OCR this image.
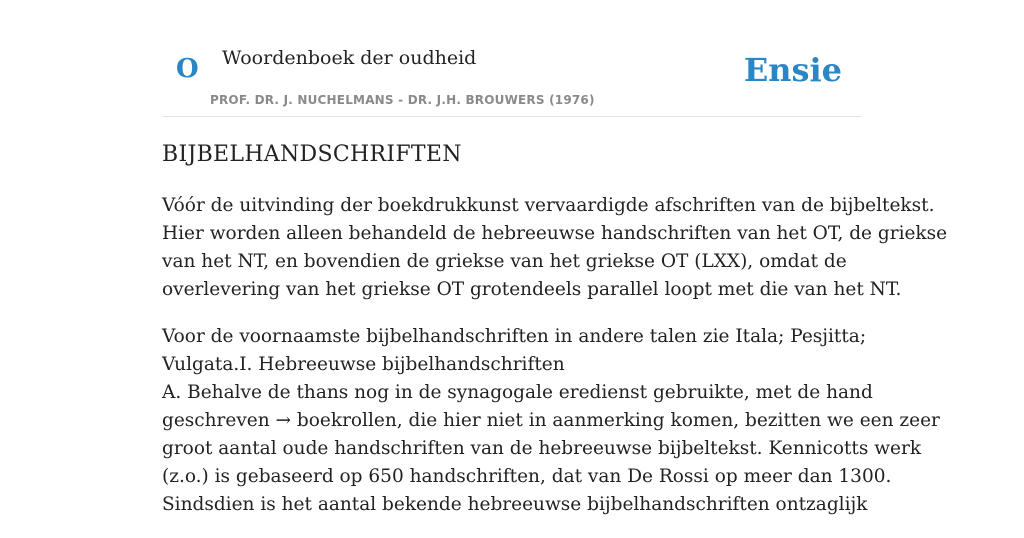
O Woordenboek der oudheid
PROF. DR. J. NUCHELMANS - DR. J.H. BROUWERS (1976)
Ensie
BIJBELHANDSCHRIFTEN

Vóór de uitvinding der boekdrukkunst vervaardigde afschriften van de bijbeltekst.
Hier worden alleen behandeld de hebreeuwse handschriften van het OT, de griekse
van het NT, en bovendien de griekse van het griekse OT (LXX), omdat de
overlevering van het griekse OT grotendeels parallel loopt met die van het NT.

Voor de voornaamste bijbelhandschriften in andere talen zie Itala; Pesjitta;
Vulgata.I. Hebreeuwse bijbelhandschriften
A. Behalve de thans nog in de synagogale eredienst gebruikte, met de hand
geschreven → boekrollen, die hier niet in aanmerking komen, bezitten we een zeer
groot aantal oude handschriften van de hebreeuwse bijbeltekst. Kennicotts werk
(z.o.) is gebaseerd op 650 handschriften, dat van De Rossi op meer dan 1300.
Sindsdien is het aantal bekende hebreeuwse bijbelhandschriften ontzaglijk
